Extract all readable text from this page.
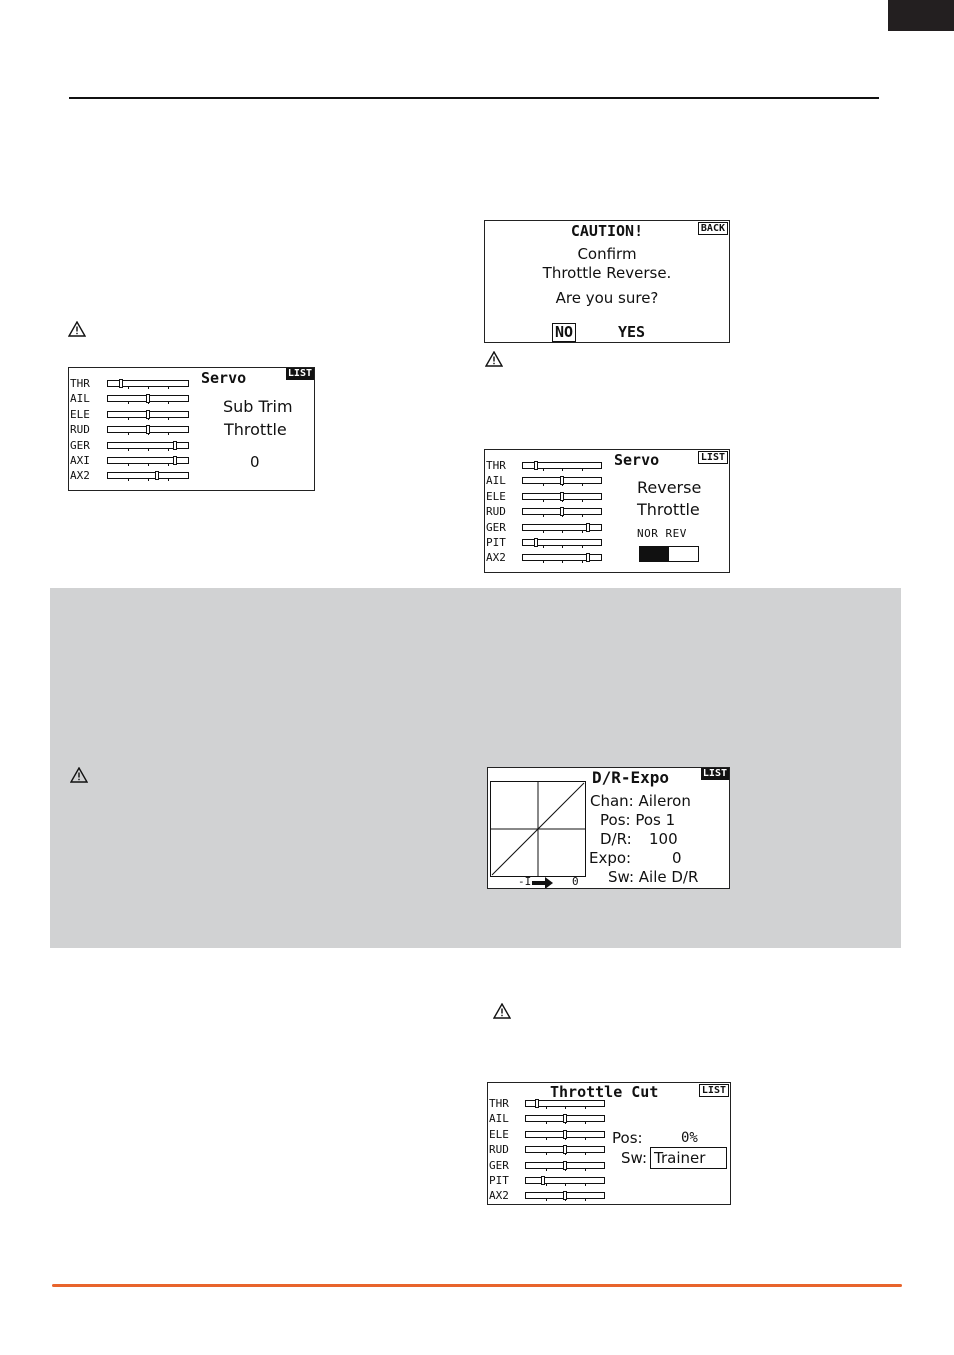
THR
AIL
ELE
RUD
GER
AXI
AX2
Servo	LIST
Sub Trim
Throttle
0
CAUTION!	BACK
Confirm
Throttle Reverse.
Are you sure?
NO	YES
THR
AIL
ELE
RUD
GER
PIT
AX2
Servo	LIST
Reverse
Throttle
NOR REV
-I	0
D/R-Expo	LIST
Chan: Aileron
Pos: Pos 1
D/R: 100
Expo:	0
Sw: Aile D/R
THR
AIL
ELE
RUD
GER
PIT
AX2
Throttle Cut	LIST
Pos:	0%
Sw: Trainer
